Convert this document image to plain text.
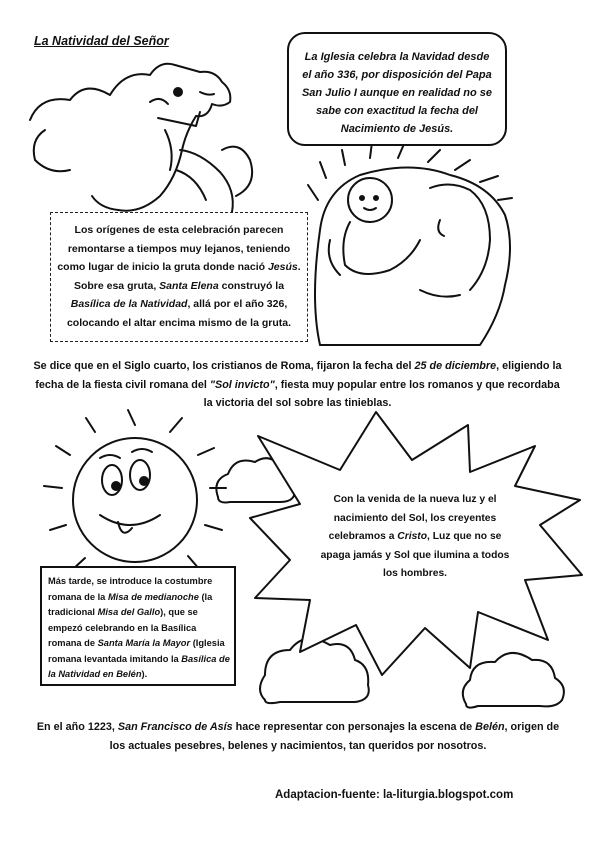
La Natividad del Señor
La Iglesia celebra la Navidad desde el año 336, por disposición del Papa San Julio I aunque en realidad no se sabe con exactitud la fecha del Nacimiento de Jesús.

Los orígenes de esta celebración parecen remontarse a tiempos muy lejanos, teniendo como lugar de inicio la gruta donde nació Jesús. Sobre esa gruta, Santa Elena construyó la Basílica de la Natividad, allá por el año 326, colocando el altar encima mismo de la gruta.

Se dice que en el Siglo cuarto, los cristianos de Roma, fijaron la fecha del 25 de diciembre, eligiendo la fecha de la fiesta civil romana del "Sol invicto", fiesta muy popular entre los romanos y que recordaba la victoria del sol sobre las tinieblas.
Con la venida de la nueva luz y el nacimiento del Sol, los creyentes celebramos a Cristo, Luz que no se apaga jamás y Sol que ilumina a todos los hombres.

Más tarde, se introduce la costumbre romana de la Misa de medianoche (la tradicional Misa del Gallo), que se empezó celebrando en la Basílica romana de Santa María la Mayor (Iglesia romana levantada imitando la Basílica de la Natividad en Belén).

En el año 1223, San Francisco de Asís hace representar con personajes la escena de Belén, origen de los actuales pesebres, belenes y nacimientos, tan queridos por nosotros.
Adaptacion-fuente: la-liturgia.blogspot.com
